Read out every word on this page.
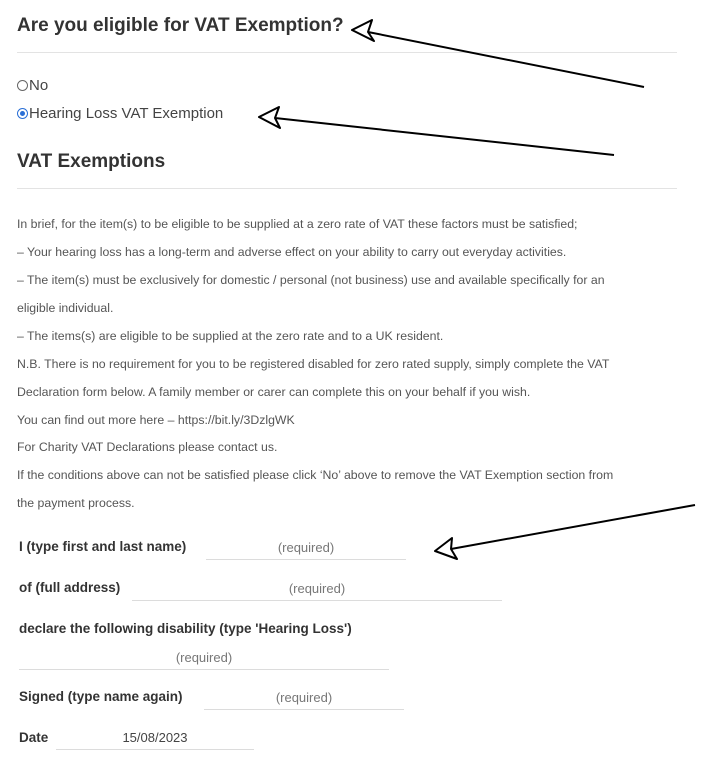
Are you eligible for VAT Exemption?
No
Hearing Loss VAT Exemption
VAT Exemptions
In brief, for the item(s) to be eligible to be supplied at a zero rate of VAT these factors must be satisfied;
– Your hearing loss has a long-term and adverse effect on your ability to carry out everyday activities.
– The item(s) must be exclusively for domestic / personal (not business) use and available specifically for an
eligible individual.
– The items(s) are eligible to be supplied at the zero rate and to a UK resident.
N.B. There is no requirement for you to be registered disabled for zero rated supply, simply complete the VAT
Declaration form below. A family member or carer can complete this on your behalf if you wish.
You can find out more here – https://bit.ly/3DzlgWK
For Charity VAT Declarations please contact us.
If the conditions above can not be satisfied please click ‘No’ above to remove the VAT Exemption section from
the payment process.
I (type first and last name)
(required)
of (full address)
(required)
declare the following disability (type 'Hearing Loss')
(required)
Signed (type name again)
(required)
Date
15/08/2023
